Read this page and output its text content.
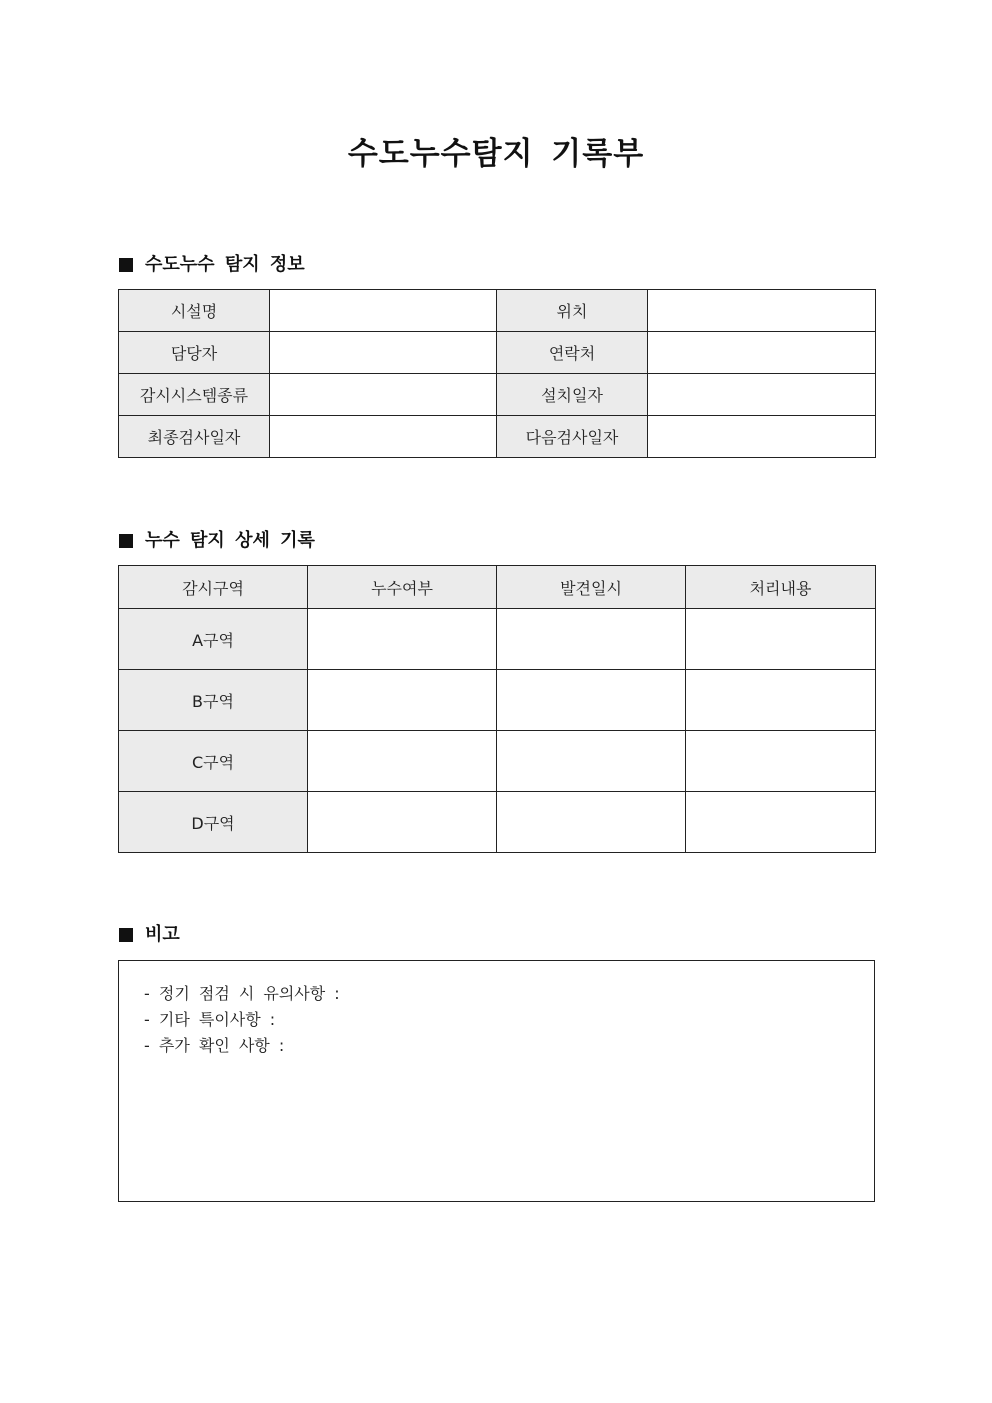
수도누수탐지 기록부
수도누수 탐지 정보
시설명		위치	
담당자		연락처	
감시시스템종류		설치일자	
최종검사일자		다음검사일자	
누수 탐지 상세 기록
감시구역	누수여부	발견일시	처리내용
A구역			
B구역			
C구역			
D구역			
비고
- 정기 점검 시 유의사항 :
- 기타 특이사항 :
- 추가 확인 사항 :
